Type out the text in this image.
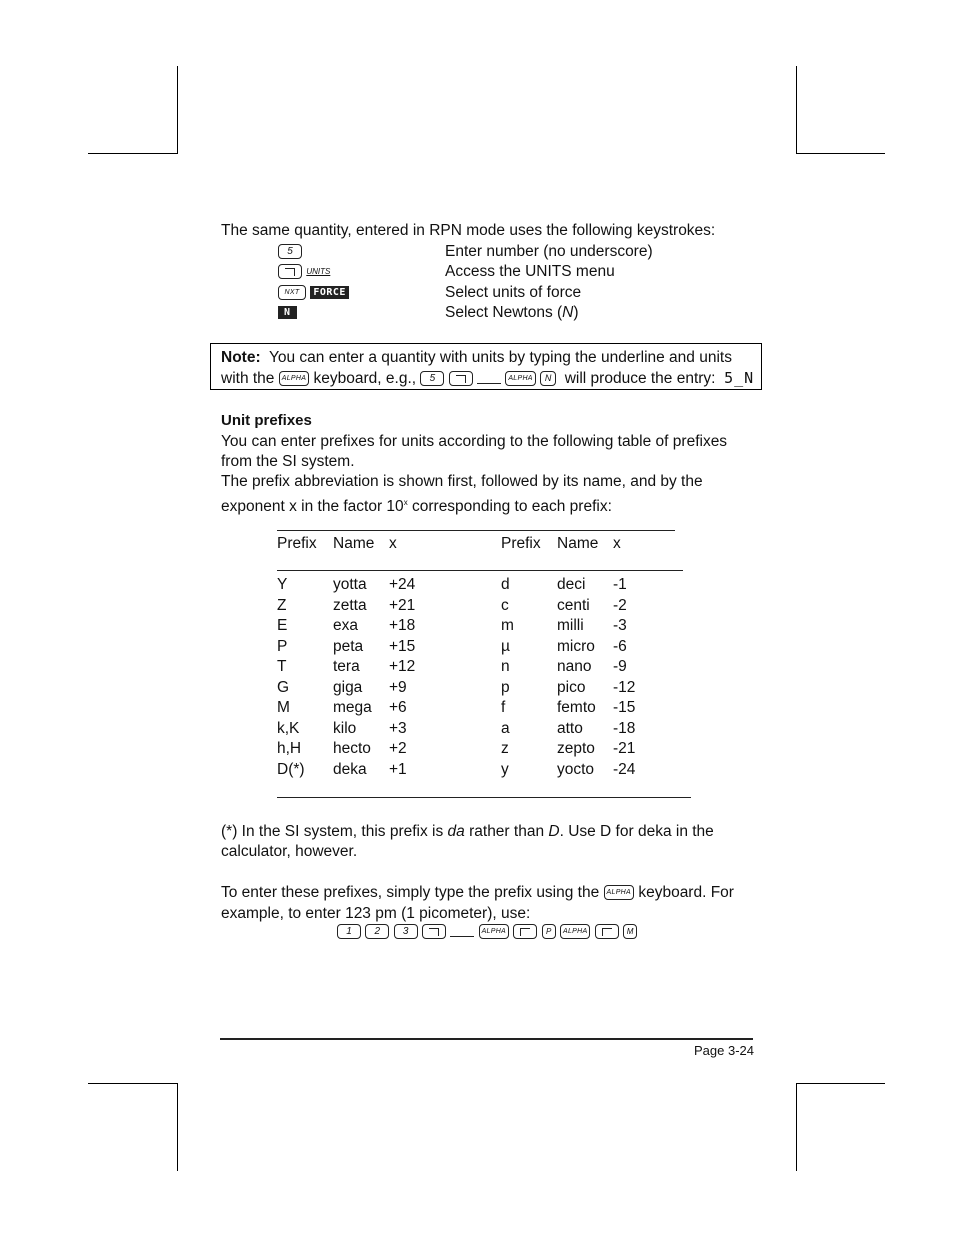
The same quantity, entered in RPN mode uses the following keystrokes:
5	Enter number (no underscore)
$^{UNITS}$	Access the UNITS menu
NXT FORCE	Select units of force
N	Select Newtons (N)
Note: You can enter a quantity with units by typing the underline and units
with the ALPHA keyboard, e.g., 5	ALPHA N will produce the entry: 5_N
Unit prefixes
You can enter prefixes for units according to the following table of prefixes
from the SI system.
The prefix abbreviation is shown first, followed by its name, and by the
exponent x in the factor 10$^x$ corresponding to each prefix:
Prefix Name x	Prefix Name x
Y	yotta +24	d	deci -1
Z	zetta +21	c	centi -2
E	exa +18	m	milli -3
P	peta +15	µ	micro -6
T	tera +12	n	nano -9
G	giga +9	p	pico -12
M	mega +6	f	femto -15
k,K kilo +3	a	atto -18
h,H hecto +2	z	zepto -21
D(*) deka +1	y	yocto -24
(*) In the SI system, this prefix is da rather than D. Use D for deka in the
calculator, however.
To enter these prefixes, simply type the prefix using the ALPHA keyboard. For
example, to enter 123 pm (1 picometer), use:
1 2 3	ALPHA	P ALPHA	M
Page 3-24
